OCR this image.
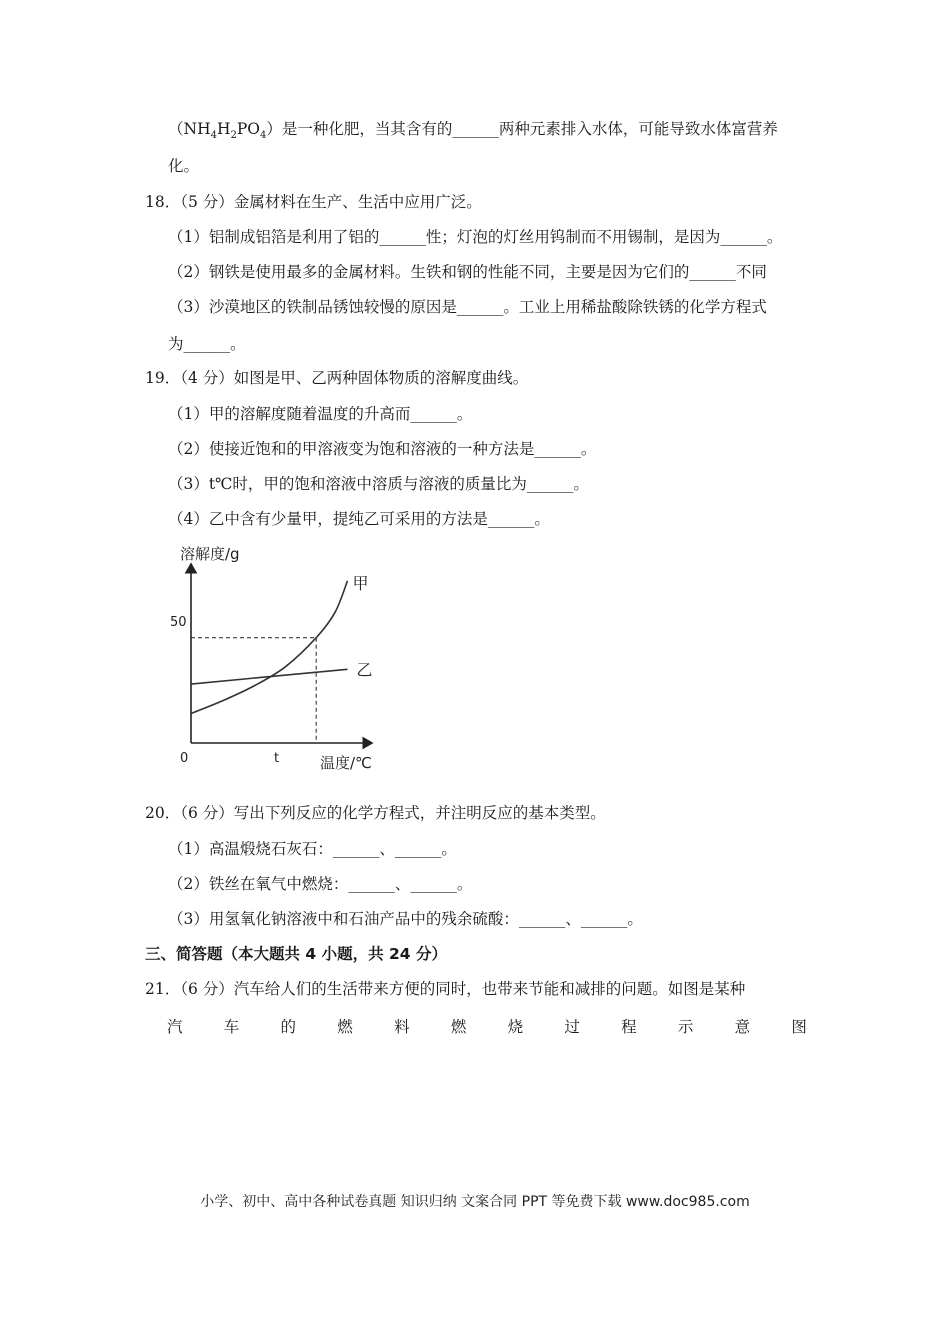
$(NH_4H_2PO_4)$是一种化肥，当其含有的______两种元素排入水体，可能导致水体富营养
化。
18．（5 分）金属材料在生产、生活中应用广泛。
（1）铝制成铝箔是利用了铝的______性；灯泡的灯丝用钨制而不用锡制，是因为______。
（2）钢铁是使用最多的金属材料。生铁和钢的性能不同，主要是因为它们的______不同
（3）沙漠地区的铁制品锈蚀较慢的原因是______。工业上用稀盐酸除铁锈的化学方程式
为______。
19．（4 分）如图是甲、乙两种固体物质的溶解度曲线。
（1）甲的溶解度随着温度的升高而______。
（2）使接近饱和的甲溶液变为饱和溶液的一种方法是______。
（3）t℃时，甲的饱和溶液中溶质与溶液的质量比为______。
（4）乙中含有少量甲，提纯乙可采用的方法是______。
溶解度/g
温度/℃
50
t
0
甲
乙
20．（6 分）写出下列反应的化学方程式，并注明反应的基本类型。
（1）高温煅烧石灰石：______、______。
（2）铁丝在氧气中燃烧：______、______。
（3）用氢氧化钠溶液中和石油产品中的残余硫酸：______、______。
三、简答题（本大题共 4 小题，共 24 分）
21．（6 分）汽车给人们的生活带来方便的同时，也带来节能和减排的问题。如图是某种
汽	车	的	燃	料	燃	烧	过	程	示	意	图
小学、初中、高中各种试卷真题 知识归纳 文案合同 PPT 等免费下载 www.doc985.com
